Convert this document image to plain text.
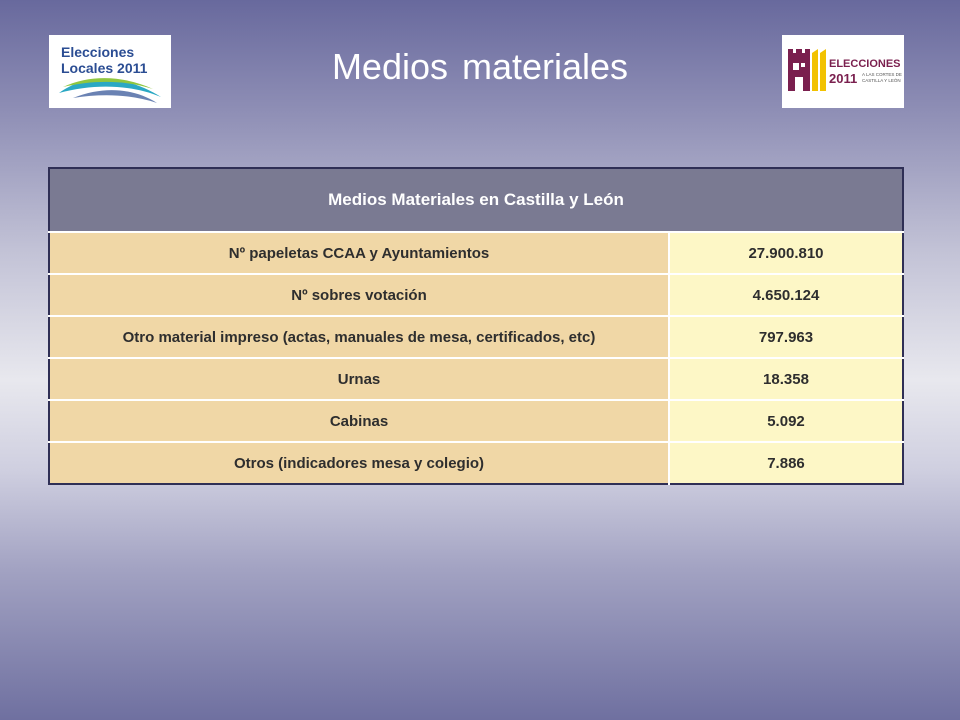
Elecciones
Locales 2011	Medios materiales	ELECCIONES
2011 A LAS CORTES DE
CASTILLA Y LEÓN
Medios Materiales en Castilla y León	
Nº papeletas CCAA y Ayuntamientos	27.900.810
Nº sobres votación	4.650.124
Otro material impreso (actas, manuales de mesa, certificados, etc)	797.963
Urnas	18.358
Cabinas	5.092
Otros (indicadores mesa y colegio)	7.886
